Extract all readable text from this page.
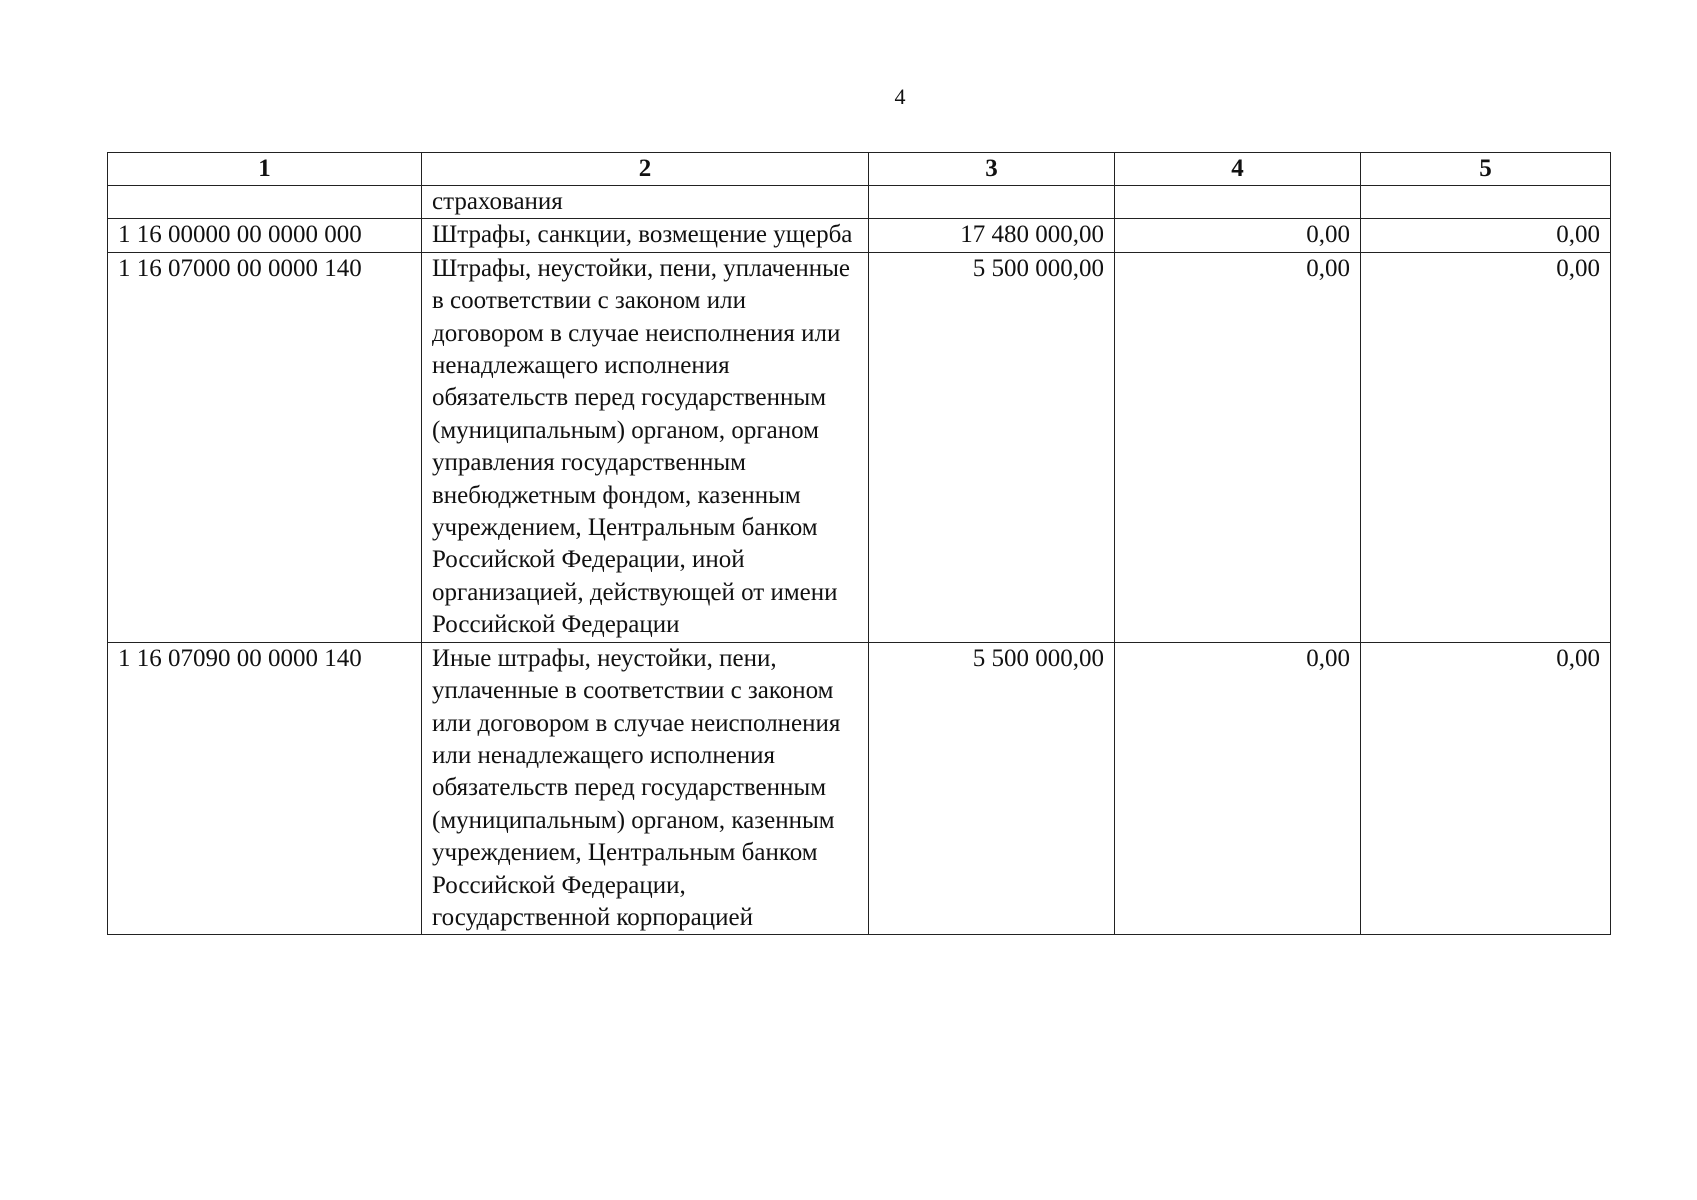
4
1	2	3	4	5
	страхования			
1 16 00000 00 0000 000	Штрафы, санкции, возмещение ущерба	17 480 000,00	0,00	0,00
1 16 07000 00 0000 140	Штрафы, неустойки, пени, уплаченные в соответствии с законом или договором в случае неисполнения или ненадлежащего исполнения обязательств перед государственным (муниципальным) органом, органом управления государственным внебюджетным фондом, казенным учреждением, Центральным банком Российской Федерации, иной организацией, действующей от имени Российской Федерации	5 500 000,00	0,00	0,00
1 16 07090 00 0000 140	Иные штрафы, неустойки, пени, уплаченные в соответствии с законом или договором в случае неисполнения или ненадлежащего исполнения обязательств перед государственным (муниципальным) органом, казенным учреждением, Центральным банком Российской Федерации, государственной корпорацией	5 500 000,00	0,00	0,00
